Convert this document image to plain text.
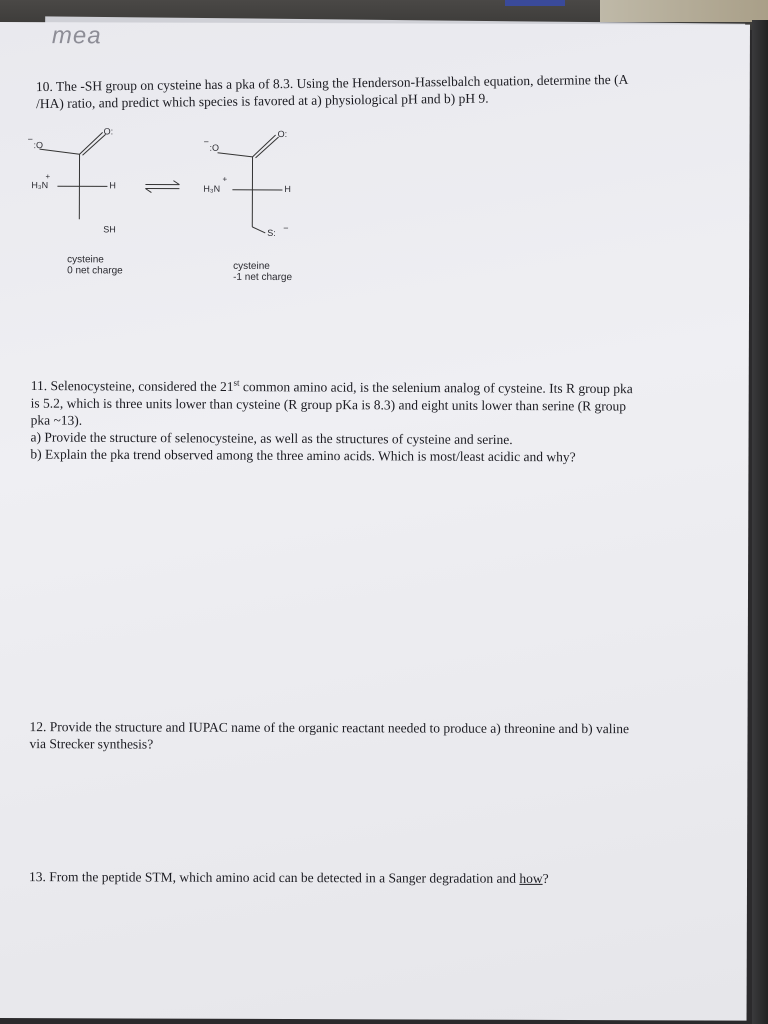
mea

10. The -SH group on cysteine has a pka of 8.3. Using the Henderson-Hasselbalch equation, determine the (A

/HA) ratio, and predict which species is favored at a) physiological pH and b) pH 9.

:O
−
O:
H₃N
+
H
SH
:O
−
O:
H₃N
+
H
S: −
cysteine
0 net charge	cysteine
-1 net charge

11. Selenocysteine, considered the 21st common amino acid, is the selenium analog of cysteine. Its R group pka

is 5.2, which is three units lower than cysteine (R group pKa is 8.3) and eight units lower than serine (R group

pka ~13).

a) Provide the structure of selenocysteine, as well as the structures of cysteine and serine.

b) Explain the pka trend observed among the three amino acids. Which is most/least acidic and why?

12. Provide the structure and IUPAC name of the organic reactant needed to produce a) threonine and b) valine

via Strecker synthesis?

13. From the peptide STM, which amino acid can be detected in a Sanger degradation and how?
